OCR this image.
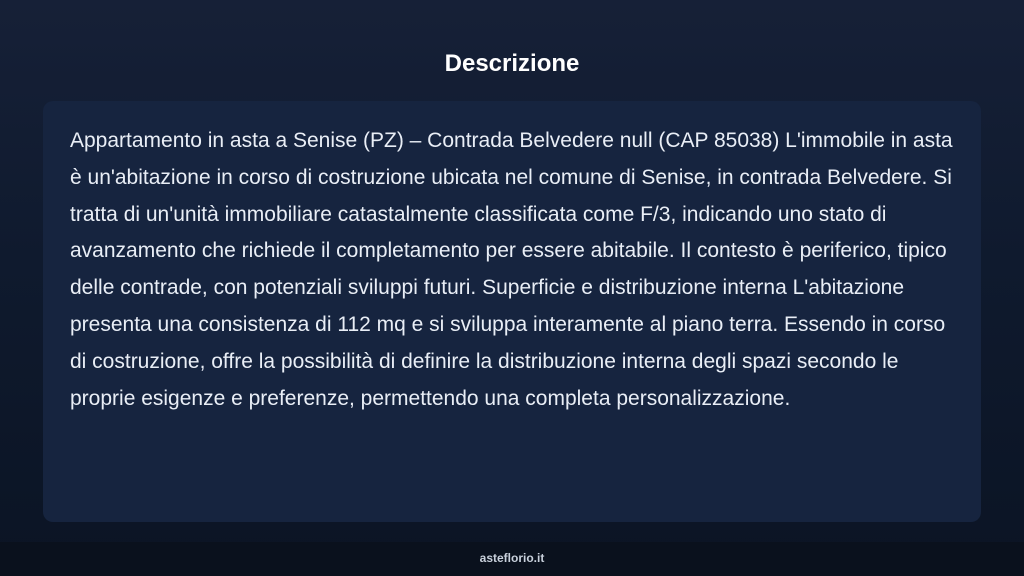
Descrizione

Appartamento in asta a Senise (PZ) – Contrada Belvedere null (CAP 85038) L'immobile in asta è un'abitazione in corso di costruzione ubicata nel comune di Senise, in contrada Belvedere. Si tratta di un'unità immobiliare catastalmente classificata come F/3, indicando uno stato di avanzamento che richiede il completamento per essere abitabile. Il contesto è periferico, tipico delle contrade, con potenziali sviluppi futuri. Superficie e distribuzione interna L'abitazione presenta una consistenza di 112 mq e si sviluppa interamente al piano terra. Essendo in corso di costruzione, offre la possibilità di definire la distribuzione interna degli spazi secondo le proprie esigenze e preferenze, permettendo una completa personalizzazione.

asteflorio.it
